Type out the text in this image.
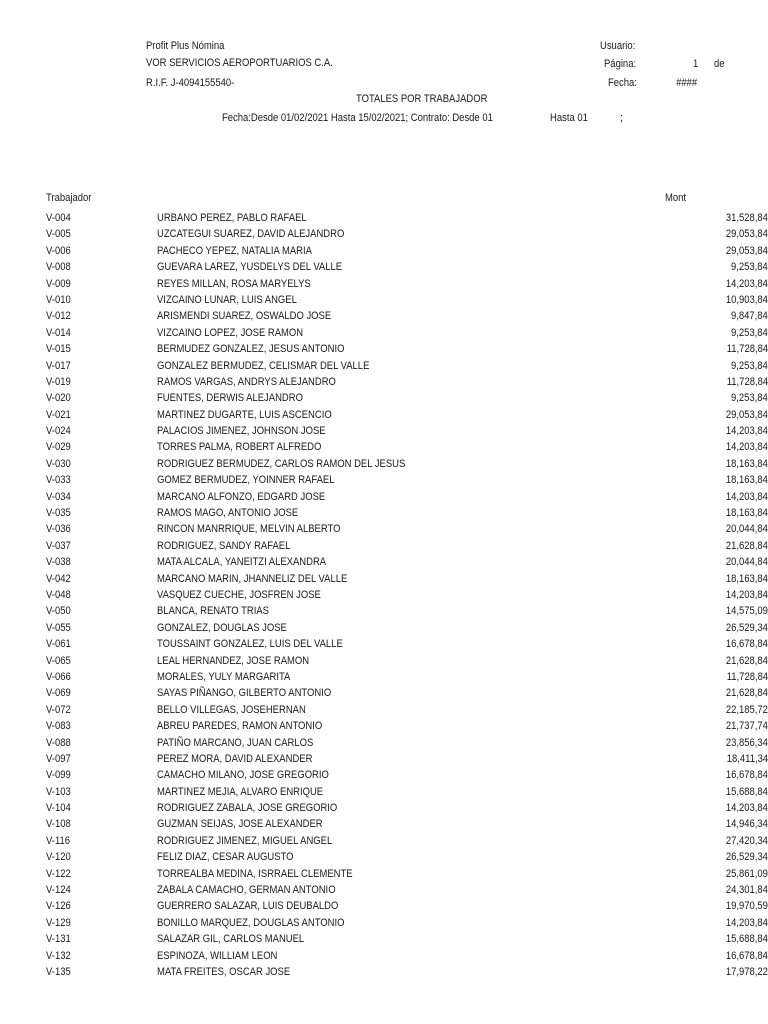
Profit Plus Nómina
VOR SERVICIOS AEROPORTUARIOS C.A.
R.I.F. J-4094155540-
Usuario:
Página:	1 de
Fecha:	####
TOTALES POR TRABAJADOR
Fecha:Desde 01/02/2021 Hasta 15/02/2021; Contrato: Desde 01	Hasta 01	;
Trabajador	Mont
V-004	URBANO PEREZ, PABLO RAFAEL	31,528,84
V-005	UZCATEGUI SUAREZ, DAVID ALEJANDRO	29,053,84
V-006	PACHECO YEPEZ, NATALIA MARIA	29,053,84
V-008	GUEVARA LAREZ, YUSDELYS DEL VALLE	9,253,84
V-009	REYES MILLAN, ROSA MARYELYS	14,203,84
V-010	VIZCAINO LUNAR, LUIS ANGEL	10,903,84
V-012	ARISMENDI SUAREZ, OSWALDO JOSE	9,847,84
V-014	VIZCAINO LOPEZ, JOSE RAMON	9,253,84
V-015	BERMUDEZ GONZALEZ, JESUS ANTONIO	11,728,84
V-017	GONZALEZ BERMUDEZ, CELISMAR DEL VALLE	9,253,84
V-019	RAMOS VARGAS, ANDRYS ALEJANDRO	11,728,84
V-020	FUENTES, DERWIS ALEJANDRO	9,253,84
V-021	MARTINEZ DUGARTE, LUIS ASCENCIO	29,053,84
V-024	PALACIOS JIMENEZ, JOHNSON JOSE	14,203,84
V-029	TORRES PALMA, ROBERT ALFREDO	14,203,84
V-030	RODRIGUEZ BERMUDEZ, CARLOS RAMON DEL JESUS	18,163,84
V-033	GOMEZ BERMUDEZ, YOINNER RAFAEL	18,163,84
V-034	MARCANO ALFONZO, EDGARD JOSE	14,203,84
V-035	RAMOS MAGO, ANTONIO JOSE	18,163,84
V-036	RINCON MANRRIQUE, MELVIN ALBERTO	20,044,84
V-037	RODRIGUEZ, SANDY RAFAEL	21,628,84
V-038	MATA ALCALA, YANEITZI ALEXANDRA	20,044,84
V-042	MARCANO MARIN, JHANNELIZ DEL VALLE	18,163,84
V-048	VASQUEZ CUECHE, JOSFREN JOSE	14,203,84
V-050	BLANCA, RENATO TRIAS	14,575,09
V-055	GONZALEZ, DOUGLAS JOSE	26,529,34
V-061	TOUSSAINT GONZALEZ, LUIS DEL VALLE	16,678,84
V-065	LEAL HERNANDEZ, JOSE RAMON	21,628,84
V-066	MORALES, YULY MARGARITA	11,728,84
V-069	SAYAS PIÑANGO, GILBERTO ANTONIO	21,628,84
V-072	BELLO VILLEGAS, JOSEHERNAN	22,185,72
V-083	ABREU PAREDES, RAMON ANTONIO	21,737,74
V-088	PATIÑO MARCANO, JUAN CARLOS	23,856,34
V-097	PEREZ MORA, DAVID ALEXANDER	18,411,34
V-099	CAMACHO MILANO, JOSE GREGORIO	16,678,84
V-103	MARTINEZ MEJIA, ALVARO ENRIQUE	15,688,84
V-104	RODRIGUEZ ZABALA, JOSE GREGORIO	14,203,84
V-108	GUZMAN SEIJAS, JOSE ALEXANDER	14,946,34
V-116	RODRIGUEZ JIMENEZ, MIGUEL ANGEL	27,420,34
V-120	FELIZ DIAZ, CESAR AUGUSTO	26,529,34
V-122	TORREALBA MEDINA, ISRRAEL CLEMENTE	25,861,09
V-124	ZABALA CAMACHO, GERMAN ANTONIO	24,301,84
V-126	GUERRERO SALAZAR, LUIS DEUBALDO	19,970,59
V-129	BONILLO MARQUEZ, DOUGLAS ANTONIO	14,203,84
V-131	SALAZAR GIL, CARLOS MANUEL	15,688,84
V-132	ESPINOZA, WILLIAM LEON	16,678,84
V-135	MATA FREITES, OSCAR JOSE	17,978,22
